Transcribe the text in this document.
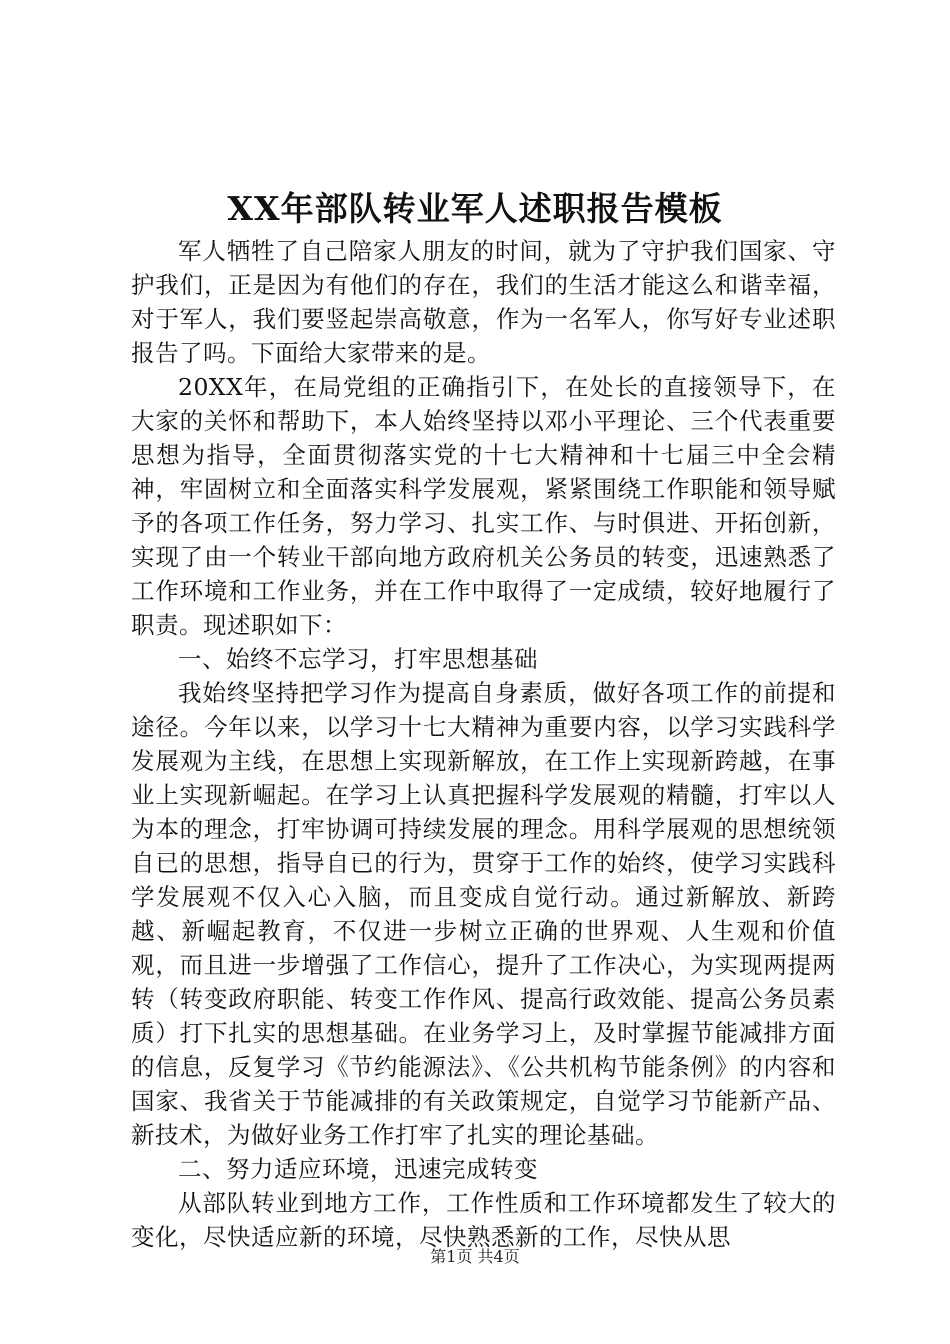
XX年部队转业军人述职报告模板

军人牺牲了自己陪家人朋友的时间，就为了守护我们国家、守护我们，正是因为有他们的存在，我们的生活才能这么和谐幸福，对于军人，我们要竖起崇高敬意，作为一名军人，你写好专业述职报告了吗。下面给大家带来的是。

20XX年，在局党组的正确指引下，在处长的直接领导下，在大家的关怀和帮助下，本人始终坚持以邓小平理论、三个代表重要思想为指导，全面贯彻落实党的十七大精神和十七届三中全会精神，牢固树立和全面落实科学发展观，紧紧围绕工作职能和领导赋予的各项工作任务，努力学习、扎实工作、与时俱进、开拓创新，实现了由一个转业干部向地方政府机关公务员的转变，迅速熟悉了工作环境和工作业务，并在工作中取得了一定成绩，较好地履行了职责。现述职如下：

一、始终不忘学习，打牢思想基础

我始终坚持把学习作为提高自身素质，做好各项工作的前提和途径。今年以来，以学习十七大精神为重要内容，以学习实践科学发展观为主线，在思想上实现新解放，在工作上实现新跨越，在事业上实现新崛起。在学习上认真把握科学发展观的精髓，打牢以人为本的理念，打牢协调可持续发展的理念。用科学展观的思想统领自已的思想，指导自已的行为，贯穿于工作的始终，使学习实践科学发展观不仅入心入脑，而且变成自觉行动。通过新解放、新跨越、新崛起教育，不仅进一步树立正确的世界观、人生观和价值观，而且进一步增强了工作信心，提升了工作决心，为实现两提两转（转变政府职能、转变工作作风、提高行政效能、提高公务员素质）打下扎实的思想基础。在业务学习上，及时掌握节能减排方面的信息，反复学习《节约能源法》、《公共机构节能条例》的内容和国家、我省关于节能减排的有关政策规定，自觉学习节能新产品、新技术，为做好业务工作打牢了扎实的理论基础。

二、努力适应环境，迅速完成转变

从部队转业到地方工作，工作性质和工作环境都发生了较大的变化，尽快适应新的环境，尽快熟悉新的工作，尽快从思

第1页 共4页
